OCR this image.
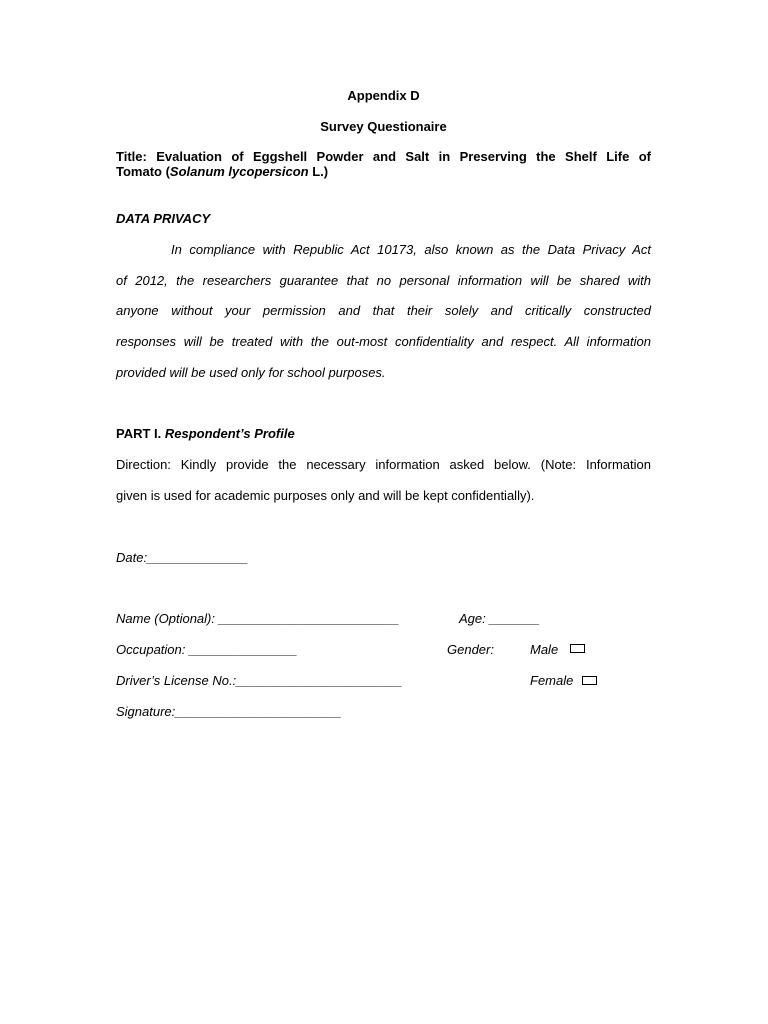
Appendix D
Survey Questionaire
Title: Evaluation of Eggshell Powder and Salt in Preserving the Shelf Life of
Tomato (Solanum lycopersicon L.)
DATA PRIVACY
In compliance with Republic Act 10173, also known as the Data Privacy Act
of 2012, the researchers guarantee that no personal information will be shared with
anyone without your permission and that their solely and critically constructed
responses will be treated with the out-most confidentiality and respect. All information
provided will be used only for school purposes.
PART I. Respondent’s Profile
Direction: Kindly provide the necessary information asked below. (Note: Information
given is used for academic purposes only and will be kept confidentially).
Date:______________
Name (Optional): _________________________	Age: _______
Occupation: _______________	Gender:	Male
Driver’s License No.:_______________________	Female
Signature:_______________________
